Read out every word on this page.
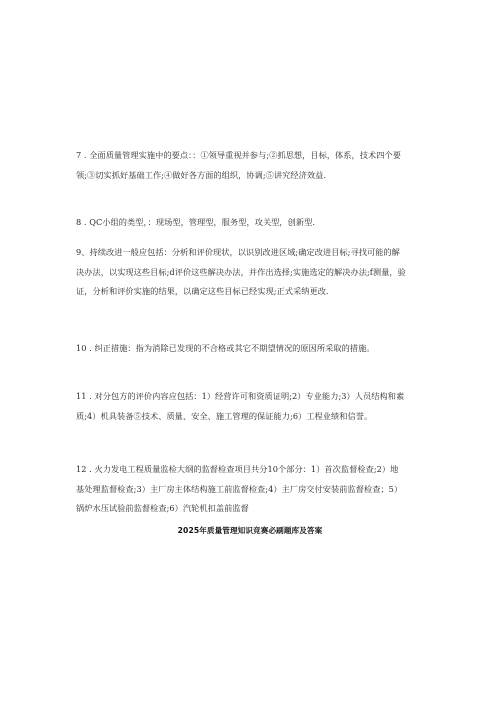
7 . 全面质量管理实施中的要点：：①领导重视并参与;②抓思想，目标，体系，技术四个要领;③切实抓好基础工作;④做好各方面的组织，协调;⑤讲究经济效益.
8 . QC小组的类型，：现场型，管理型，服务型，攻关型，创新型.
9、持续改进一般应包括：分析和评价现状，以识别改进区域;确定改进目标;寻找可能的解决办法，以实现这些目标;d评价这些解决办法，并作出选择;实施选定的解决办法;f测量，验证，分析和评价实施的结果，以确定这些目标已经实现;正式采纳更改.
10 . 纠正措施：指为消除已发现的不合格或其它不期望情况的原因所采取的措施。
11 . 对分包方的评价内容应包括：1）经营许可和资质证明;2）专业能力;3）人员结构和素质;4）机具装备⑤技术、质量、安全、施工管理的保证能力;6）工程业绩和信誉。
12 . 火力发电工程质量监检大纲的监督检查项目共分10个部分：1）首次监督检查;2）地基处理监督检查;3）主厂房主体结构施工前监督检查;4）主厂房交付安装前监督检查；5）锅炉水压试验前监督检查;6）汽轮机扣盖前监督
2025年质量管理知识竞赛必刷题库及答案
